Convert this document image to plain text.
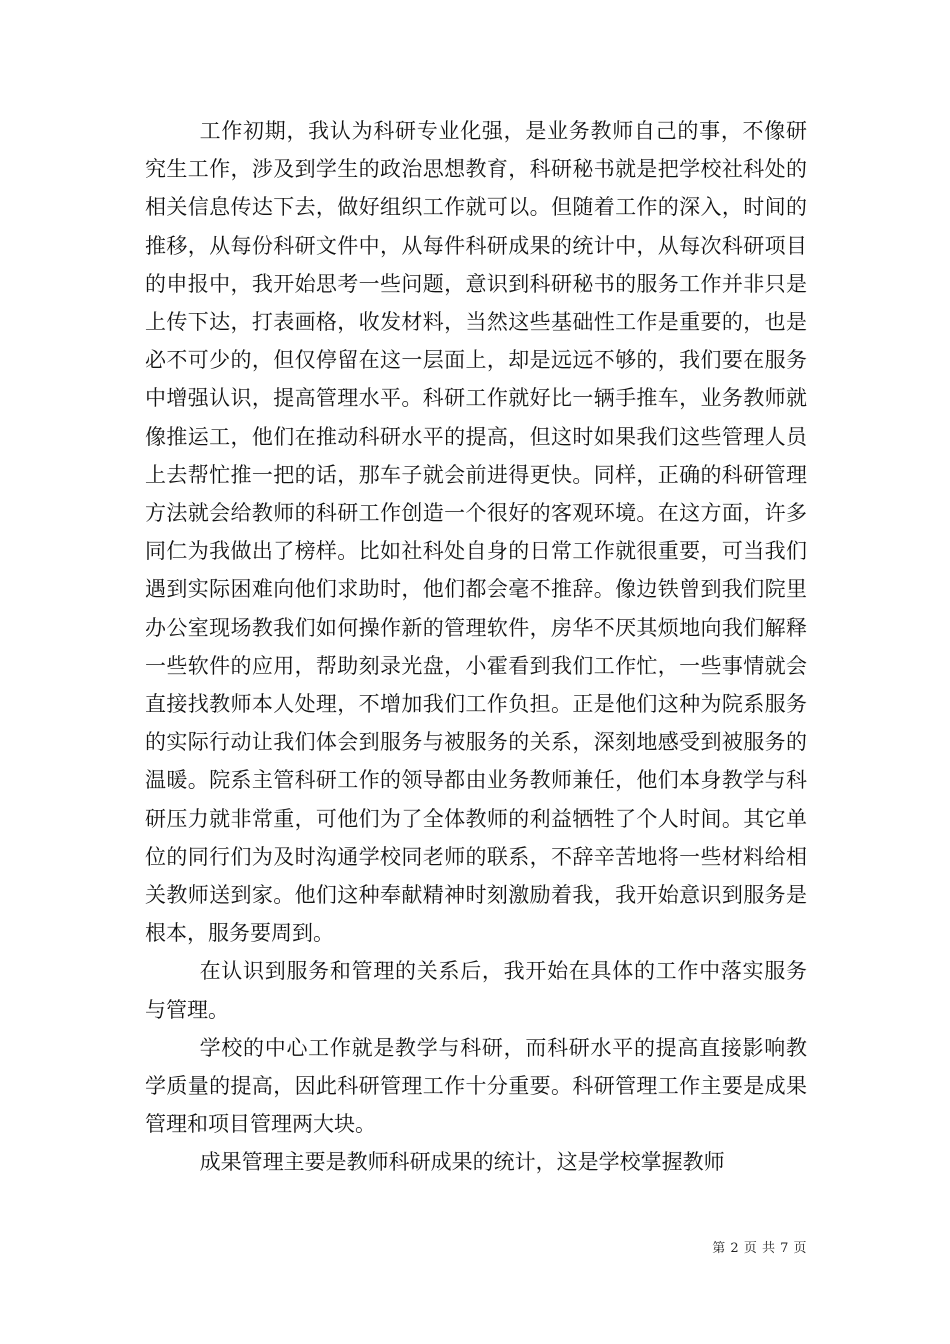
工作初期，我认为科研专业化强，是业务教师自己的事，不像研究生工作，涉及到学生的政治思想教育，科研秘书就是把学校社科处的相关信息传达下去，做好组织工作就可以。但随着工作的深入，时间的推移，从每份科研文件中，从每件科研成果的统计中，从每次科研项目的申报中，我开始思考一些问题，意识到科研秘书的服务工作并非只是上传下达，打表画格，收发材料，当然这些基础性工作是重要的，也是必不可少的，但仅停留在这一层面上，却是远远不够的，我们要在服务中增强认识，提高管理水平。科研工作就好比一辆手推车，业务教师就像推运工，他们在推动科研水平的提高，但这时如果我们这些管理人员上去帮忙推一把的话，那车子就会前进得更快。同样，正确的科研管理方法就会给教师的科研工作创造一个很好的客观环境。在这方面，许多同仁为我做出了榜样。比如社科处自身的日常工作就很重要，可当我们遇到实际困难向他们求助时，他们都会毫不推辞。像边铁曾到我们院里办公室现场教我们如何操作新的管理软件，房华不厌其烦地向我们解释一些软件的应用，帮助刻录光盘，小霍看到我们工作忙，一些事情就会直接找教师本人处理，不增加我们工作负担。正是他们这种为院系服务的实际行动让我们体会到服务与被服务的关系，深刻地感受到被服务的温暖。院系主管科研工作的领导都由业务教师兼任，他们本身教学与科研压力就非常重，可他们为了全体教师的利益牺牲了个人时间。其它单位的同行们为及时沟通学校同老师的联系，不辞辛苦地将一些材料给相关教师送到家。他们这种奉献精神时刻激励着我，我开始意识到服务是根本，服务要周到。

在认识到服务和管理的关系后，我开始在具体的工作中落实服务与管理。

学校的中心工作就是教学与科研，而科研水平的提高直接影响教学质量的提高，因此科研管理工作十分重要。科研管理工作主要是成果管理和项目管理两大块。

成果管理主要是教师科研成果的统计，这是学校掌握教师

第 2 页 共 7 页
